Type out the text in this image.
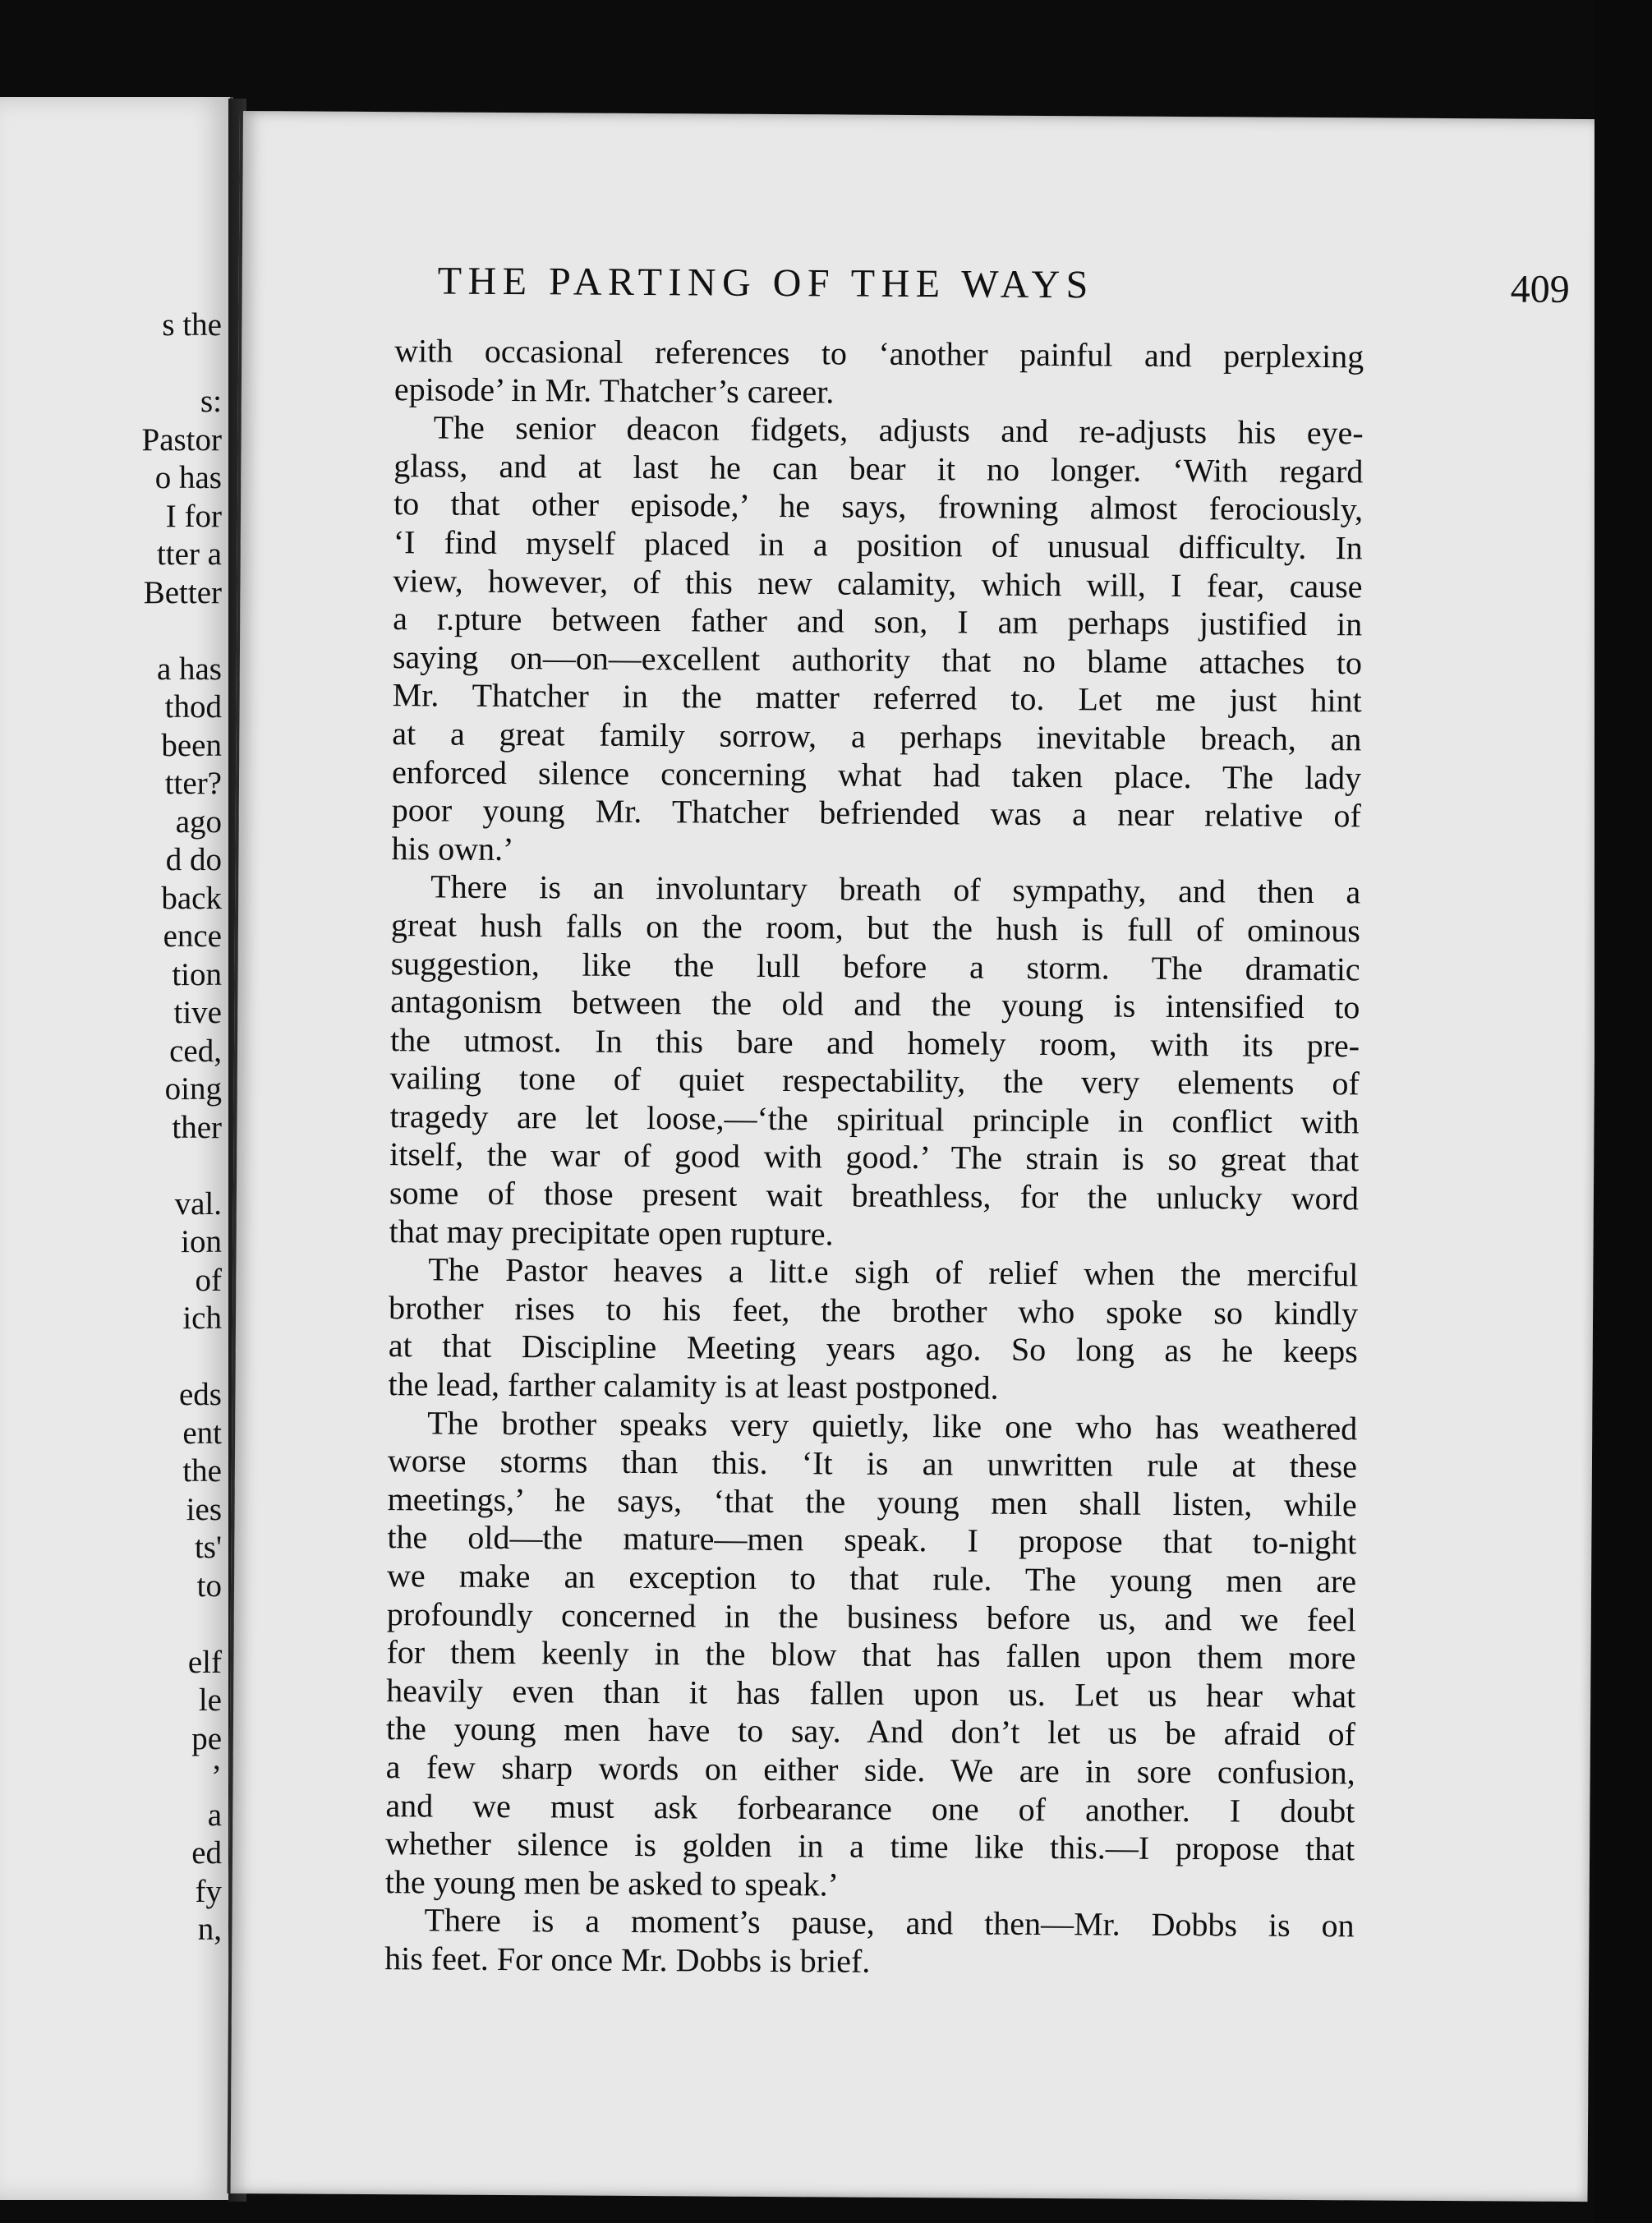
s the
s:
Pastor
o has
I for
tter a
Better
a has
thod
been
tter?
ago
d do
back
ence
tion
tive
ced,
oing
ther
val.
ion
of
ich
eds
ent
the
ies
ts'
to
elf
le
pe
’
a
ed
fy
n,
THE PARTING OF THE WAYS	409
with occasional references to ‘another painful and perplexing
episode’ in Mr. Thatcher’s career.
The senior deacon fidgets, adjusts and re-adjusts his eye-
glass, and at last he can bear it no longer. ‘With regard
to that other episode,’ he says, frowning almost ferociously,
‘I find myself placed in a position of unusual difficulty. In
view, however, of this new calamity, which will, I fear, cause
a r.pture between father and son, I am perhaps justified in
saying on—on—excellent authority that no blame attaches to
Mr. Thatcher in the matter referred to. Let me just hint
at a great family sorrow, a perhaps inevitable breach, an
enforced silence concerning what had taken place. The lady
poor young Mr. Thatcher befriended was a near relative of
his own.’
There is an involuntary breath of sympathy, and then a
great hush falls on the room, but the hush is full of ominous
suggestion, like the lull before a storm. The dramatic
antagonism between the old and the young is intensified to
the utmost. In this bare and homely room, with its pre-
vailing tone of quiet respectability, the very elements of
tragedy are let loose,—‘the spiritual principle in conflict with
itself, the war of good with good.’ The strain is so great that
some of those present wait breathless, for the unlucky word
that may precipitate open rupture.
The Pastor heaves a litt.e sigh of relief when the merciful
brother rises to his feet, the brother who spoke so kindly
at that Discipline Meeting years ago. So long as he keeps
the lead, farther calamity is at least postponed.
The brother speaks very quietly, like one who has weathered
worse storms than this. ‘It is an unwritten rule at these
meetings,’ he says, ‘that the young men shall listen, while
the old—the mature—men speak. I propose that to-night
we make an exception to that rule. The young men are
profoundly concerned in the business before us, and we feel
for them keenly in the blow that has fallen upon them more
heavily even than it has fallen upon us. Let us hear what
the young men have to say. And don’t let us be afraid of
a few sharp words on either side. We are in sore confusion,
and we must ask forbearance one of another. I doubt
whether silence is golden in a time like this.—I propose that
the young men be asked to speak.’
There is a moment’s pause, and then—Mr. Dobbs is on
his feet. For once Mr. Dobbs is brief.
